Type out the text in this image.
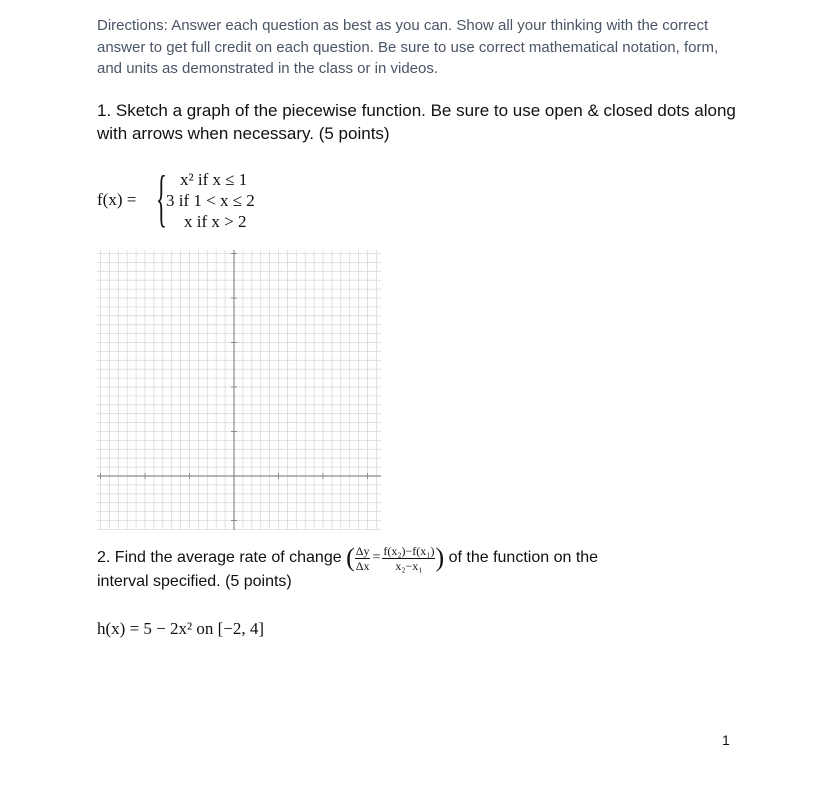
Directions: Answer each question as best as you can. Show all your thinking with the correct answer to get full credit on each question. Be sure to use correct mathematical notation, form, and units as demonstrated in the class or in videos.
1. Sketch a graph of the piecewise function. Be sure to use open & closed dots along with arrows when necessary. (5 points)
f(x) = { x² if x ≤ 1
3 if 1 < x ≤ 2
x if x > 2
2. Find the average rate of change ( $\frac{\Delta y}{\Delta x} = \frac{\text{f(x₂)−f(x₁)}}{\text{x₂−x₁}}$ ) of the function on the
interval specified. (5 points)
h(x) = 5 − 2x² on [−2, 4]
1
